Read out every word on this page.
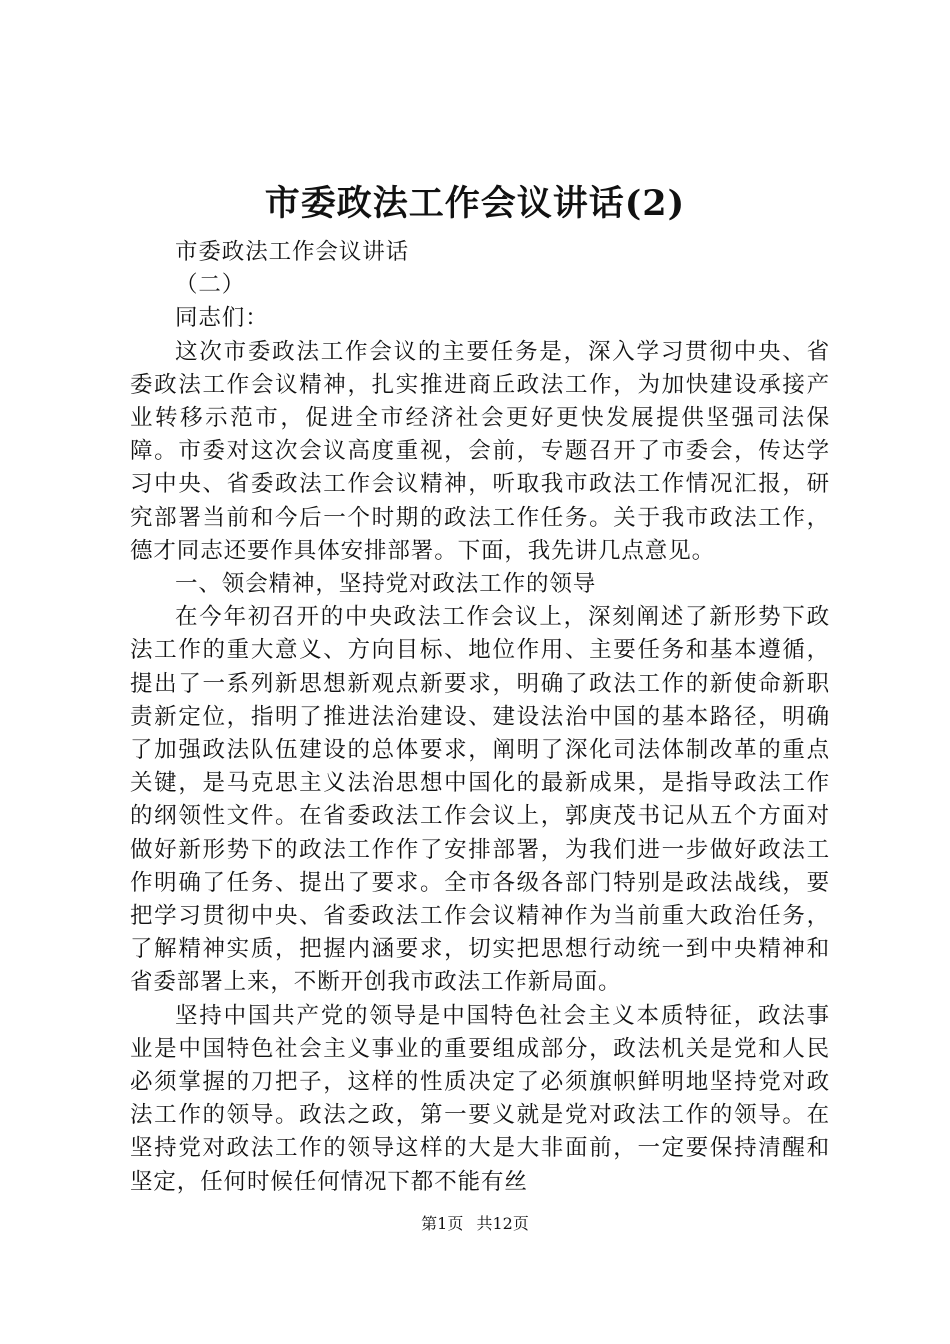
市委政法工作会议讲话(2)

市委政法工作会议讲话

（二）

同志们：

这次市委政法工作会议的主要任务是，深入学习贯彻中央、省委政法工作会议精神，扎实推进商丘政法工作，为加快建设承接产业转移示范市，促进全市经济社会更好更快发展提供坚强司法保障。市委对这次会议高度重视，会前，专题召开了市委会，传达学习中央、省委政法工作会议精神，听取我市政法工作情况汇报，研究部署当前和今后一个时期的政法工作任务。关于我市政法工作，德才同志还要作具体安排部署。下面，我先讲几点意见。

一、领会精神，坚持党对政法工作的领导

在今年初召开的中央政法工作会议上，深刻阐述了新形势下政法工作的重大意义、方向目标、地位作用、主要任务和基本遵循，提出了一系列新思想新观点新要求，明确了政法工作的新使命新职责新定位，指明了推进法治建设、建设法治中国的基本路径，明确了加强政法队伍建设的总体要求，阐明了深化司法体制改革的重点关键，是马克思主义法治思想中国化的最新成果，是指导政法工作的纲领性文件。在省委政法工作会议上，郭庚茂书记从五个方面对做好新形势下的政法工作作了安排部署，为我们进一步做好政法工作明确了任务、提出了要求。全市各级各部门特别是政法战线，要把学习贯彻中央、省委政法工作会议精神作为当前重大政治任务，了解精神实质，把握内涵要求，切实把思想行动统一到中央精神和省委部署上来，不断开创我市政法工作新局面。

坚持中国共产党的领导是中国特色社会主义本质特征，政法事业是中国特色社会主义事业的重要组成部分，政法机关是党和人民必须掌握的刀把子，这样的性质决定了必须旗帜鲜明地坚持党对政法工作的领导。政法之政，第一要义就是党对政法工作的领导。在坚持党对政法工作的领导这样的大是大非面前，一定要保持清醒和坚定，任何时候任何情况下都不能有丝

第1页 共12页
